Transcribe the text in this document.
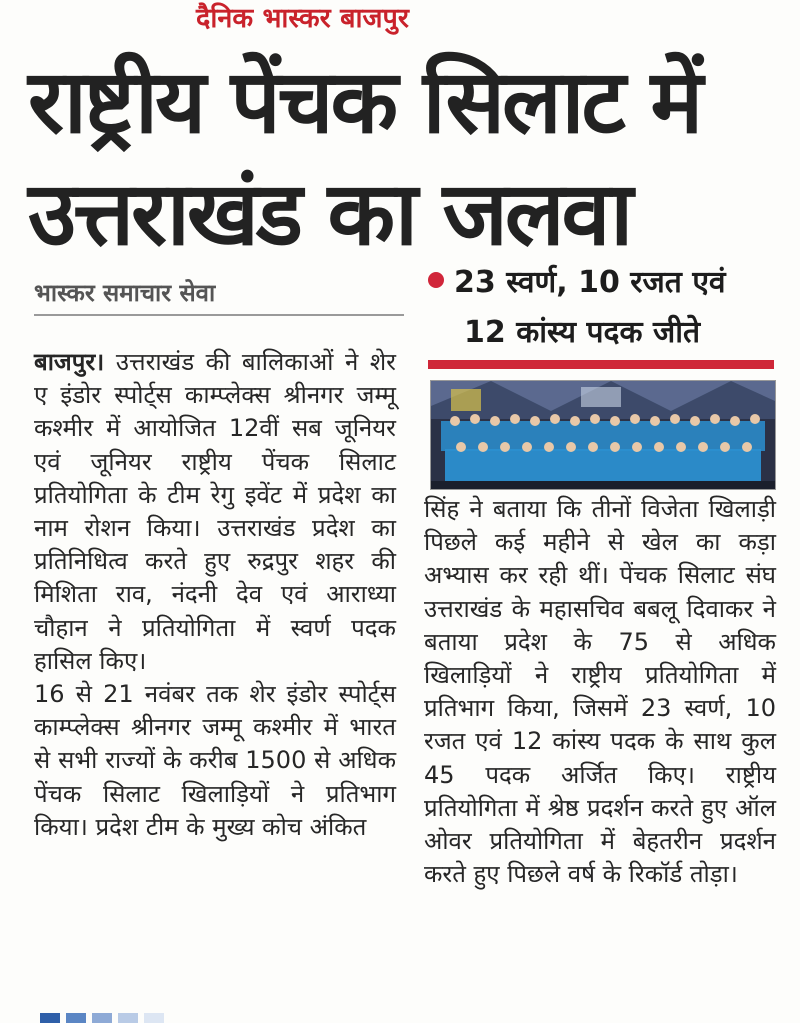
दैनिक भास्कर बाजपुर
राष्ट्रीय पेंचक सिलाट में
उत्तराखंड का जलवा
भास्कर समाचार सेवा	23 स्वर्ण, 10 रजत एवं
12 कांस्य पदक जीते

बाजपुर। उत्तराखंड की बालिकाओं ने शेर ए इंडोर स्पोर्ट्स काम्प्लेक्स श्रीनगर जम्मू कश्मीर में आयोजित 12वीं सब जूनियर एवं जूनियर राष्ट्रीय पेंचक सिलाट प्रतियोगिता के टीम रेगु इवेंट में प्रदेश का नाम रोशन किया। उत्तराखंड प्रदेश का प्रतिनिधित्व करते हुए रुद्रपुर शहर की मिशिता राव, नंदनी देव एवं आराध्या चौहान ने प्रतियोगिता में स्वर्ण पदक हासिल किए।

16 से 21 नवंबर तक शेर इंडोर स्पोर्ट्स काम्प्लेक्स श्रीनगर जम्मू कश्मीर में भारत से सभी राज्यों के करीब 1500 से अधिक पेंचक सिलाट खिलाड़ियों ने प्रतिभाग किया। प्रदेश टीम के मुख्य कोच अंकित

सिंह ने बताया कि तीनों विजेता खिलाड़ी पिछले कई महीने से खेल का कड़ा अभ्यास कर रही थीं। पेंचक सिलाट संघ उत्तराखंड के महासचिव बबलू दिवाकर ने बताया प्रदेश के 75 से अधिक खिलाड़ियों ने राष्ट्रीय प्रतियोगिता में प्रतिभाग किया, जिसमें 23 स्वर्ण, 10 रजत एवं 12 कांस्य पदक के साथ कुल 45 पदक अर्जित किए। राष्ट्रीय प्रतियोगिता में श्रेष्ठ प्रदर्शन करते हुए ऑल ओवर प्रतियोगिता में बेहतरीन प्रदर्शन करते हुए पिछले वर्ष के रिकॉर्ड तोड़ा।
